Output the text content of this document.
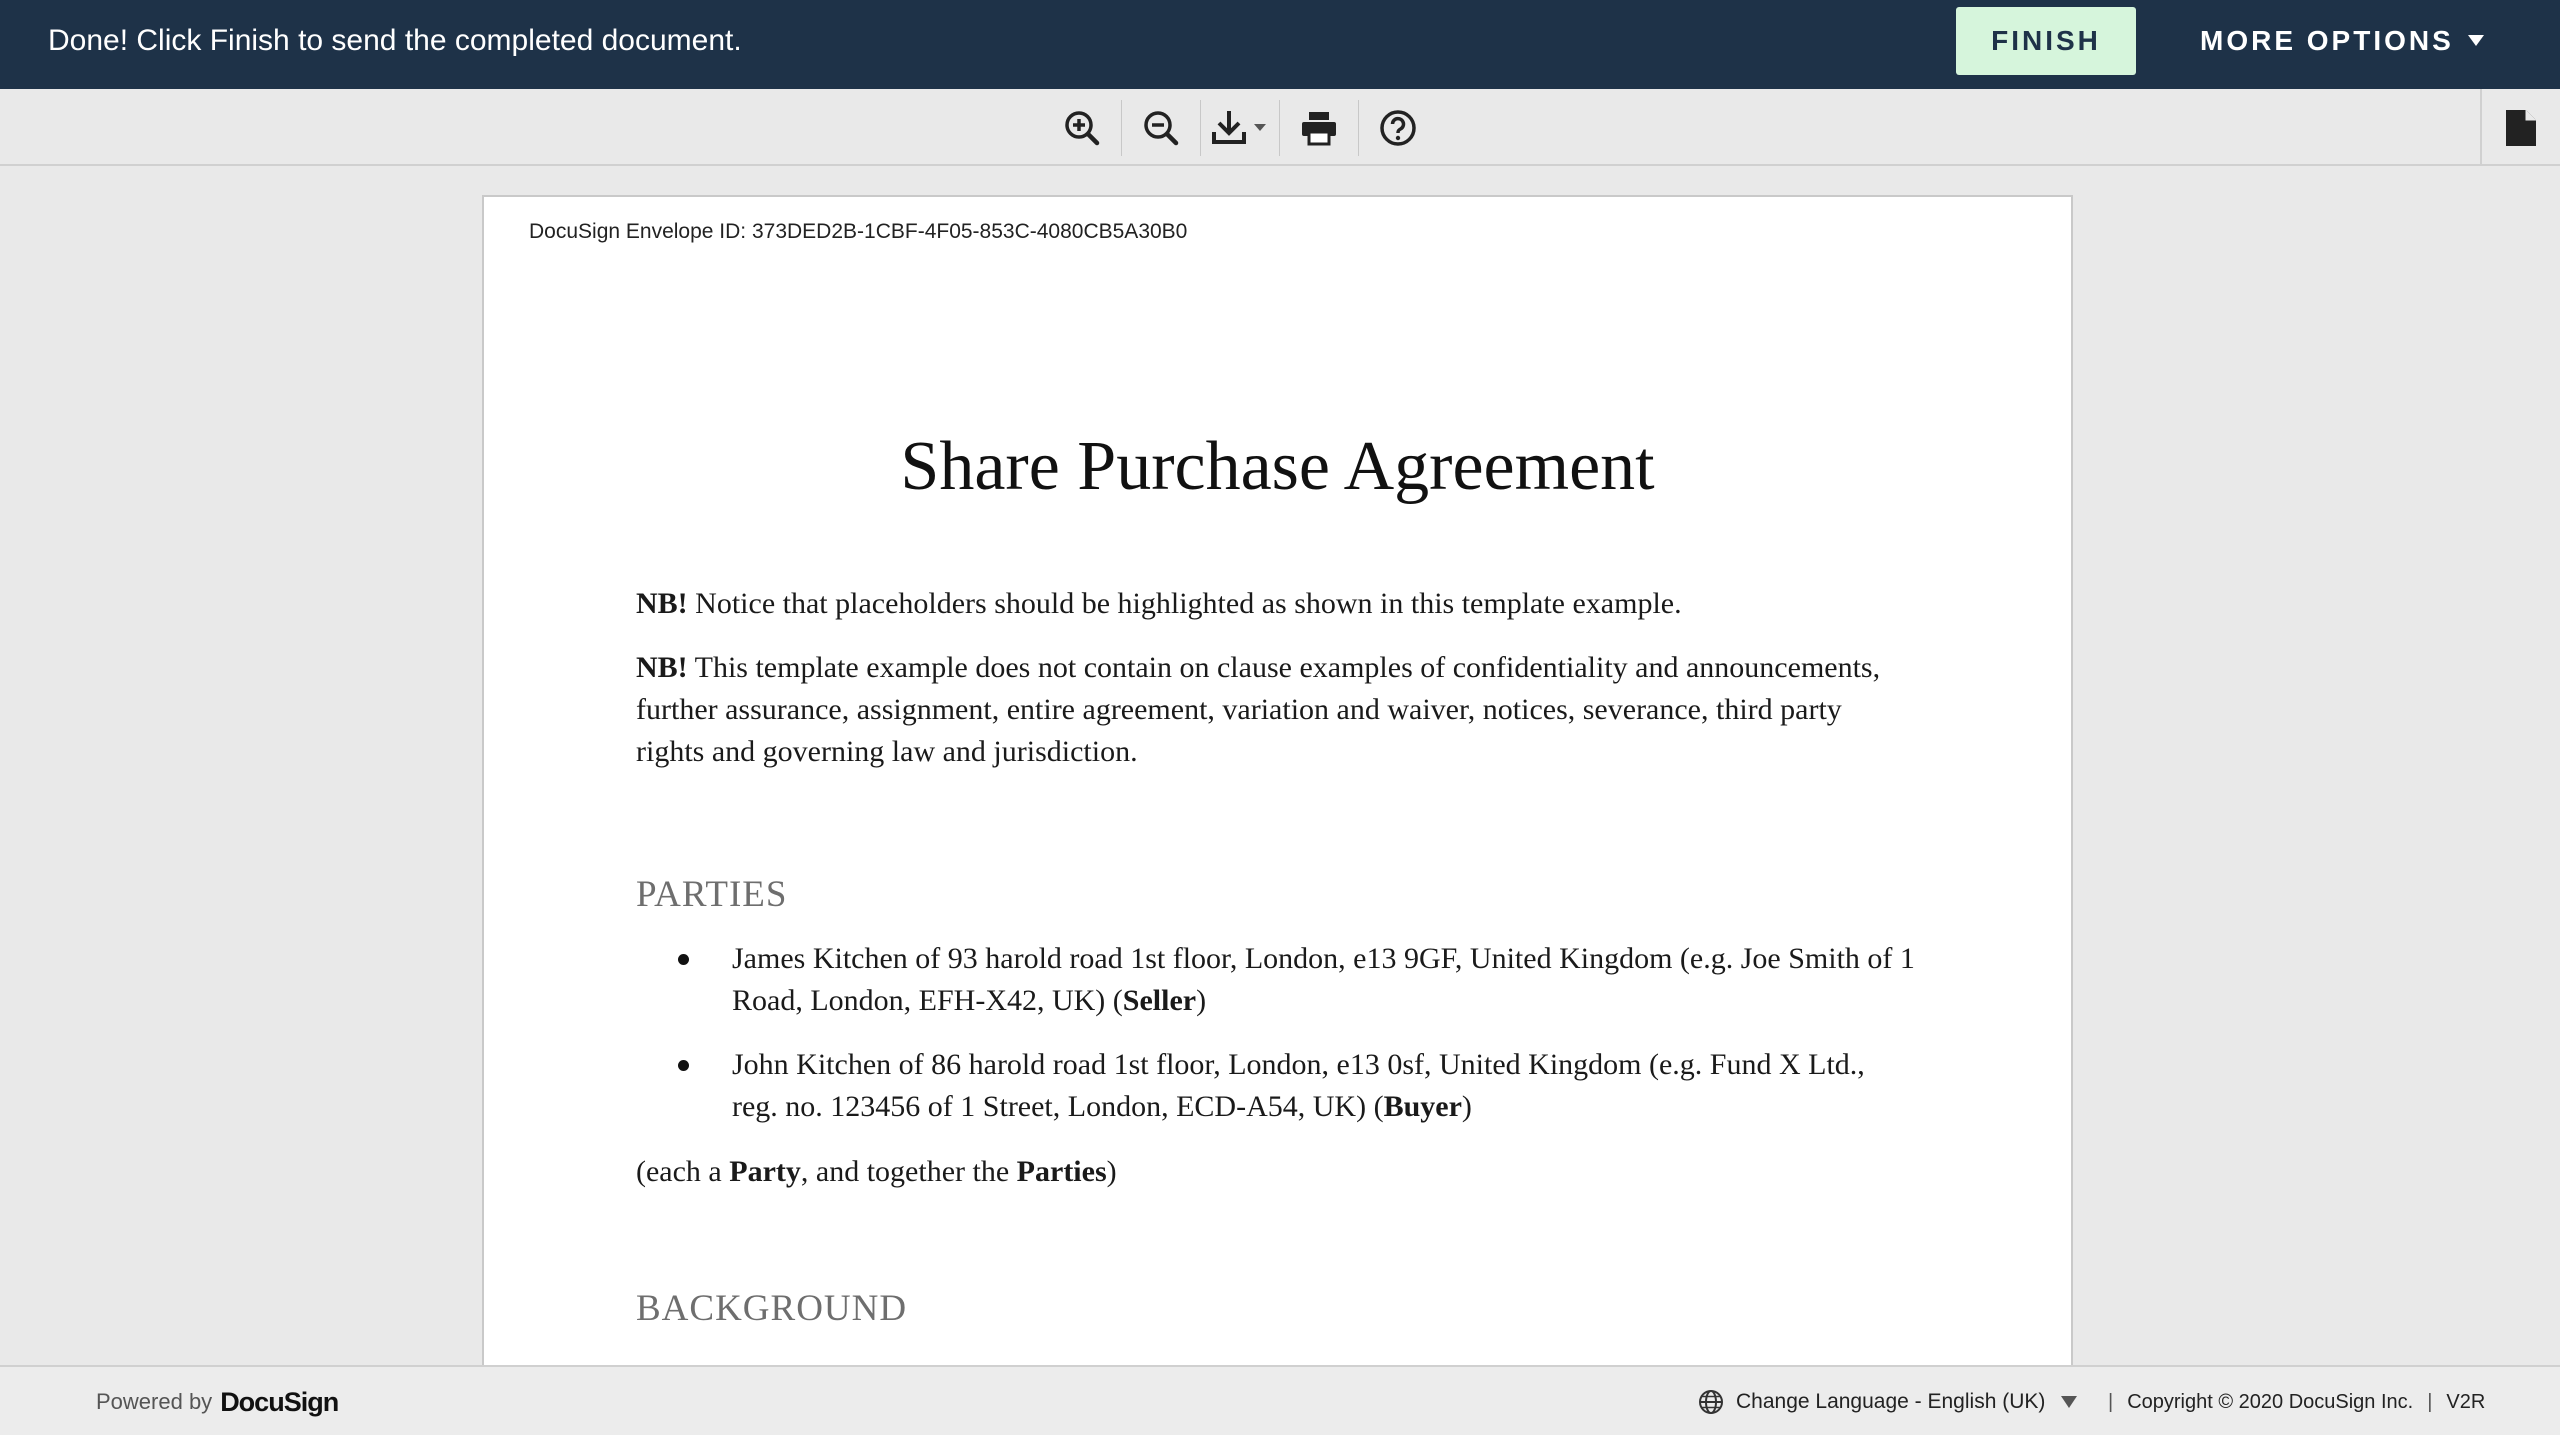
Done! Click Finish to send the completed document.	FINISH	MORE OPTIONS
DocuSign Envelope ID: 373DED2B-1CBF-4F05-853C-4080CB5A30B0
Share Purchase Agreement

NB! Notice that placeholders should be highlighted as shown in this template example.

NB! This template example does not contain on clause examples of confidentiality and announcements, further assurance, assignment, entire agreement, variation and waiver, notices, severance, third party rights and governing law and jurisdiction.

PARTIES
James Kitchen of 93 harold road 1st floor, London, e13 9GF, United Kingdom (e.g. Joe Smith of 1 Road, London, EFH-X42, UK) (Seller)
John Kitchen of 86 harold road 1st floor, London, e13 0sf, United Kingdom (e.g. Fund X Ltd., reg. no. 123456 of 1 Street, London, ECD-A54, UK) (Buyer)

(each a Party, and together the Parties)

BACKGROUND
Powered by DocuSign	Change Language - English (UK)	| Copyright © 2020 DocuSign Inc. | V2R
